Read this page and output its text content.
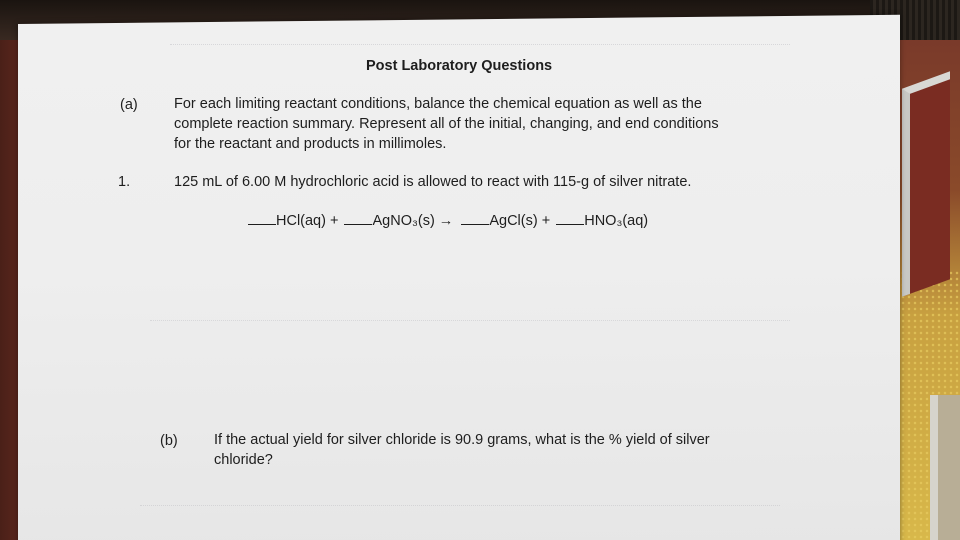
Post Laboratory Questions
(a)	For each limiting reactant conditions, balance the chemical equation as well as the
complete reaction summary. Represent all of the initial, changing, and end conditions
for the reactant and products in millimoles.
1.	125 mL of 6.00 M hydrochloric acid is allowed to react with 115-g of silver nitrate.
HCl(aq) + AgNO₃(s) → AgCl(s) + HNO₃(aq)
(b)	If the actual yield for silver chloride is 90.9 grams, what is the % yield of silver
chloride?
